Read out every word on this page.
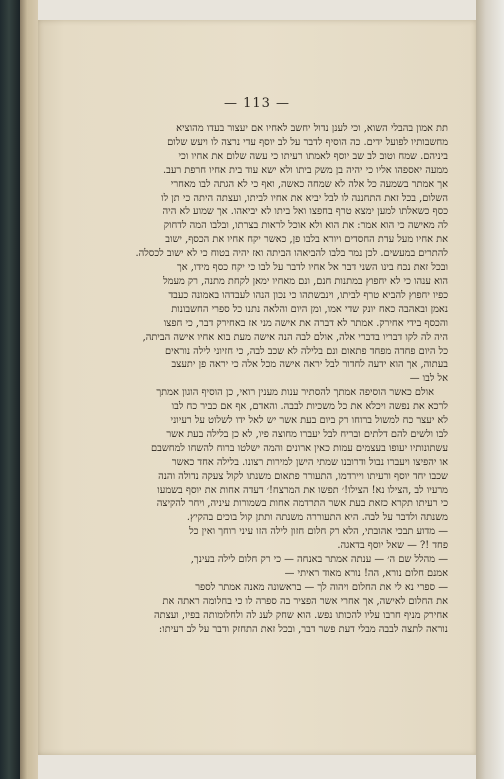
— 113 —
תת אמון בהבלי השוא, וכי לענן נדול יחשב לאחיו אם יעצור בעדו מהוציא
מחשבותיו לפועל ידים. כה הוסיף לדבר על לב יוסף עדי נרצה לו ויעש שלום
ביניהם. שמח וטוב לב שב יוסף לאמתו רעיתו כי עשה שלום את אחיו וכי
ממעה יאספהו אליו כי יהיה בן משק ביתו ולא ישא עוד בית אחיו חרפת רעב.
אך אמתר בשמעה כל אלה לא שמחה כאשה, ואף כי לא הגתה לבו מאחרי
השלום, בכל זאת התחננה לו לבל יביא את אחיו לביתו, ועצתה היתה כי תן לו
כסף כשאלתו למען ימצא טרף בחפצו ואל ביתו לא יביאהו. אך שמוע לא היה
לה מאישה כי הוא אמר: את הוא ולא אוכל לראות בצרתו, ובלבו המה לדחוק
את אחיו מעל עדת החסדים ויורא בלבו פן, כאשר יקח אחיו את הכסף, ישוב
להתרים במעשים. לכן נמר בלבו להביאהו הביתה ואז יהיה בטוח כי לא ישוב לכסלה.
ובכל זאת נכח בינו השני דבר אל אחיו לדבר על לבו כי יקח כסף מידו, אך
הוא ענהו כי לא יחפוץ במתנות חנם, ונם מאחיו ימאן לקחת מתנה, רק מעמל
כפיו יחפוץ להביא טרף לביתו, וינבשתהו כי נכון הנהו לעבדהו באמונה כעבד
נאמן ובאהבה כאח יונק שדי אמו, ומן היום והלאה נתנו כל ספרי החשבונות
והכסף בידי אחירק. אמתר לא דברה את אישה מני אז באחירק דבר, כי חפצו
היה לה לקו דבריו בדברי אלה, אולם לבה הנה אישה מעת בוא אחיו אישה הביתה,
כל היום פחדה מפחד פתאום ונם בלילה לא שכב לבה, כי חזיוני לילה נוראים
בעתוה, אך הוא ידעה לחדור לבל יראה אישה מכל אלה כי יראה פן יתעצב
אל לבו —
אולם כאשר הוסיפה אמתך להסתיר ענות מענין רואי, כן הוסיף הוגון אמתך
לרכא את נפשה ויכלא את כל משכיות לבבה. והאדם, אף אם כביר כח לבו
לא יעצר כח למשול ברוחו רק ביום בעת אשר יש לאל ידו לשלוט על רעיוני
לבו ולשים להם דלתים ובריח לבל יעברו מחוצה פיו, לא כן בלילה בעת אשר
עשתונותיו יעופו בעצמים עמות כאין ארונים והמה ישלטו ברוח להשחו למחשבם
או יהפיצו ויעברו נבול ודרובנו שמתי הישן למירות רצונו. בלילה אחד כאשר
שכבו יחד יוסף ורעיתו ויירדמו, התעורר פתאום משנתו לקול צעקה נדולה והנה
מרעיו לב ,הצילו נא! הצילו!׳ תפשו את המרצח!׳ דעדה אחות את יוסף בשמעו
כי רעיתו תקרא כזאת בעת אשר התרדמה אחות בשמורות עיניה, ויחר להקיצה
משנתה ולדבר על לבה. היא התעוררה משנתה ותתן קול בוכים בהקיץ.
— מדוע תבכי אהובתי, הלא רק חלום חזון לילה הזו עיני רוחך ואין כל
פחד !? — שאל יוסף בדאגה.
— מהלל שם ה׳ — ענתה אמתר באנחה — כי רק חלום לילה בעינך,
אמנם חלום נורא, הה! נורא מאוד ראיתי —
— ספרי נא לי את החלום ויהוה לך — בראשונה מאנה אמתר לספר
את החלום לאישה, אך אחרי אשר הפציר בה ספרה לו כי בחלומה ראתה את
אחירק מניף חרבו עליו להכותו נפש. הוא שחק לענ לה ולחלומותה בפיו, ועצתה
נוראה לתצה לבבה מבלי דעת פשר דבר, ובכל זאת התחזק ודבר על לב רעיתו:
